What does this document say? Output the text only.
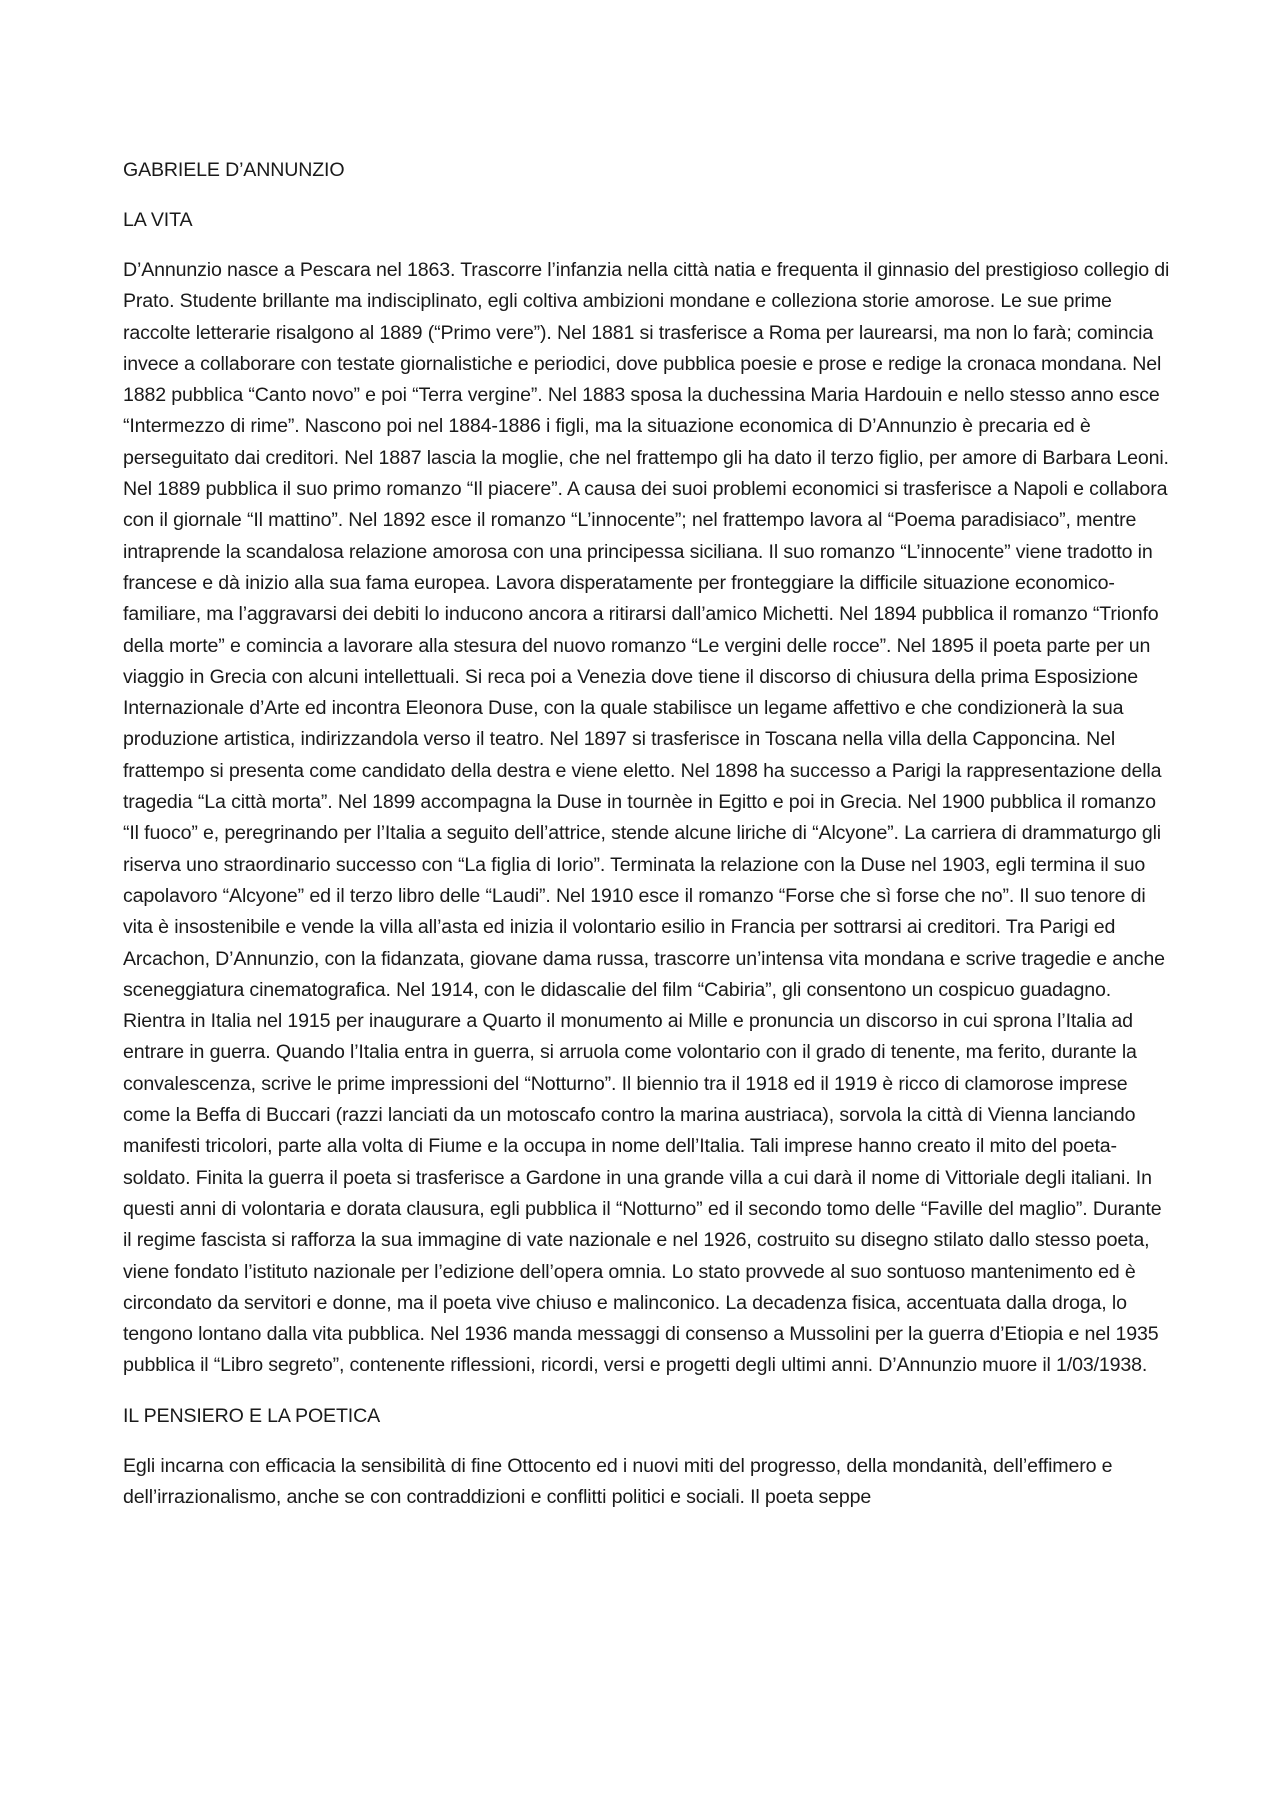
GABRIELE D’ANNUNZIO

LA VITA

D’Annunzio nasce a Pescara nel 1863. Trascorre l’infanzia nella città natia e frequenta il ginnasio del prestigioso collegio di Prato. Studente brillante ma indisciplinato, egli coltiva ambizioni mondane e colleziona storie amorose. Le sue prime raccolte letterarie risalgono al 1889 (“Primo vere”). Nel 1881 si trasferisce a Roma per laurearsi, ma non lo farà; comincia invece a collaborare con testate giornalistiche e periodici, dove pubblica poesie e prose e redige la cronaca mondana. Nel 1882 pubblica “Canto novo” e poi “Terra vergine”. Nel 1883 sposa la duchessina Maria Hardouin e nello stesso anno esce “Intermezzo di rime”. Nascono poi nel 1884-1886 i figli, ma la situazione economica di D’Annunzio è precaria ed è perseguitato dai creditori. Nel 1887 lascia la moglie, che nel frattempo gli ha dato il terzo figlio, per amore di Barbara Leoni. Nel 1889 pubblica il suo primo romanzo “Il piacere”. A causa dei suoi problemi economici si trasferisce a Napoli e collabora con il giornale “Il mattino”. Nel 1892 esce il romanzo “L’innocente”; nel frattempo lavora al “Poema paradisiaco”, mentre intraprende la scandalosa relazione amorosa con una principessa siciliana. Il suo romanzo “L’innocente” viene tradotto in francese e dà inizio alla sua fama europea. Lavora disperatamente per fronteggiare la difficile situazione economico-familiare, ma l’aggravarsi dei debiti lo inducono ancora a ritirarsi dall’amico Michetti. Nel 1894 pubblica il romanzo “Trionfo della morte” e comincia a lavorare alla stesura del nuovo romanzo “Le vergini delle rocce”. Nel 1895 il poeta parte per un viaggio in Grecia con alcuni intellettuali. Si reca poi a Venezia dove tiene il discorso di chiusura della prima Esposizione Internazionale d’Arte ed incontra Eleonora Duse, con la quale stabilisce un legame affettivo e che condizionerà la sua produzione artistica, indirizzandola verso il teatro. Nel 1897 si trasferisce in Toscana nella villa della Capponcina. Nel frattempo si presenta come candidato della destra e viene eletto. Nel 1898 ha successo a Parigi la rappresentazione della tragedia “La città morta”. Nel 1899 accompagna la Duse in tournèe in Egitto e poi in Grecia. Nel 1900 pubblica il romanzo “Il fuoco” e, peregrinando per l’Italia a seguito dell’attrice, stende alcune liriche di “Alcyone”. La carriera di drammaturgo gli riserva uno straordinario successo con “La figlia di Iorio”. Terminata la relazione con la Duse nel 1903, egli termina il suo capolavoro “Alcyone” ed il terzo libro delle “Laudi”. Nel 1910 esce il romanzo “Forse che sì forse che no”. Il suo tenore di vita è insostenibile e vende la villa all’asta ed inizia il volontario esilio in Francia per sottrarsi ai creditori. Tra Parigi ed Arcachon, D’Annunzio, con la fidanzata, giovane dama russa, trascorre un’intensa vita mondana e scrive tragedie e anche sceneggiatura cinematografica. Nel 1914, con le didascalie del film “Cabiria”, gli consentono un cospicuo guadagno. Rientra in Italia nel 1915 per inaugurare a Quarto il monumento ai Mille e pronuncia un discorso in cui sprona l’Italia ad entrare in guerra. Quando l’Italia entra in guerra, si arruola come volontario con il grado di tenente, ma ferito, durante la convalescenza, scrive le prime impressioni del “Notturno”. Il biennio tra il 1918 ed il 1919 è ricco di clamorose imprese come la Beffa di Buccari (razzi lanciati da un motoscafo contro la marina austriaca), sorvola la città di Vienna lanciando manifesti tricolori, parte alla volta di Fiume e la occupa in nome dell’Italia. Tali imprese hanno creato il mito del poeta-soldato. Finita la guerra il poeta si trasferisce a Gardone in una grande villa a cui darà il nome di Vittoriale degli italiani. In questi anni di volontaria e dorata clausura, egli pubblica il “Notturno” ed il secondo tomo delle “Faville del maglio”. Durante il regime fascista si rafforza la sua immagine di vate nazionale e nel 1926, costruito su disegno stilato dallo stesso poeta, viene fondato l’istituto nazionale per l’edizione dell’opera omnia. Lo stato provvede al suo sontuoso mantenimento ed è circondato da servitori e donne, ma il poeta vive chiuso e malinconico. La decadenza fisica, accentuata dalla droga, lo tengono lontano dalla vita pubblica. Nel 1936 manda messaggi di consenso a Mussolini per la guerra d’Etiopia e nel 1935 pubblica il “Libro segreto”, contenente riflessioni, ricordi, versi e progetti degli ultimi anni. D’Annunzio muore il 1/03/1938.

IL PENSIERO E LA POETICA

Egli incarna con efficacia la sensibilità di fine Ottocento ed i nuovi miti del progresso, della mondanità, dell’effimero e dell’irrazionalismo, anche se con contraddizioni e conflitti politici e sociali. Il poeta seppe
